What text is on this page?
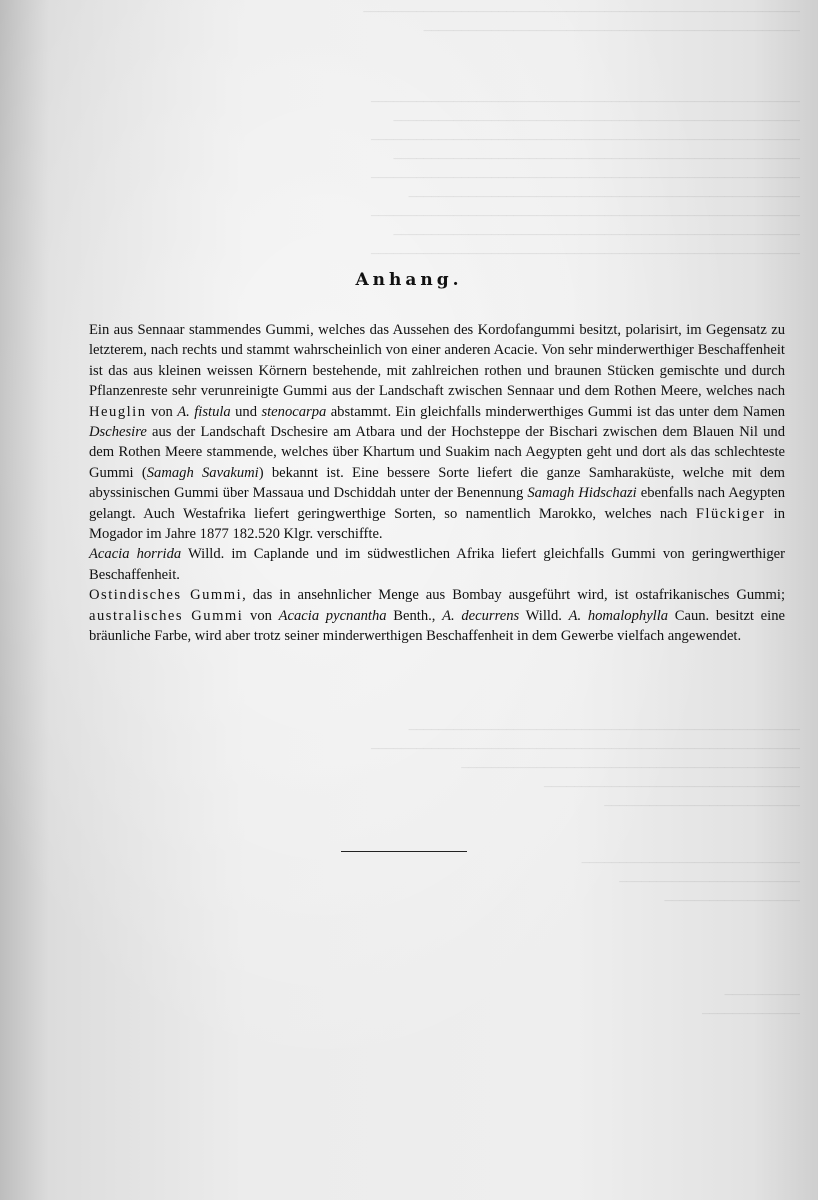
──────────────────────────────────────────────────────────
──────────────────────────────────────────────────
─────────────────────────────────────────────────────────
──────────────────────────────────────────────────────
─────────────────────────────────────────────────────────
──────────────────────────────────────────────────────
─────────────────────────────────────────────────────────
────────────────────────────────────────────────────
─────────────────────────────────────────────────────────
──────────────────────────────────────────────────────
─────────────────────────────────────────────────────────
────────────────────────────────────────────────────
─────────────────────────────────────────────────────────
─────────────────────────────────────────────
──────────────────────────────────
──────────────────────────

─────────────────────────────
────────────────────────
──────────────────
──────────
─────────────
Anhang.

Ein aus Sennaar stammendes Gummi, welches das Aussehen des Kordofangummi besitzt, polarisirt, im Gegensatz zu letzterem, nach rechts und stammt wahrscheinlich von einer anderen Acacie. Von sehr minderwerthiger Beschaffenheit ist das aus kleinen weissen Körnern bestehende, mit zahlreichen rothen und braunen Stücken gemischte und durch Pflanzenreste sehr verunreinigte Gummi aus der Landschaft zwischen Sennaar und dem Rothen Meere, welches nach Heuglin von A. fistula und stenocarpa abstammt. Ein gleichfalls minderwerthiges Gummi ist das unter dem Namen Dschesire aus der Landschaft Dschesire am Atbara und der Hochsteppe der Bischari zwischen dem Blauen Nil und dem Rothen Meere stammende, welches über Khartum und Suakim nach Aegypten geht und dort als das schlechteste Gummi (Samagh Savakumi) bekannt ist. Eine bessere Sorte liefert die ganze Samharaküste, welche mit dem abyssinischen Gummi über Massaua und Dschiddah unter der Benennung Samagh Hidschazi ebenfalls nach Aegypten gelangt. Auch Westafrika liefert geringwerthige Sorten, so namentlich Marokko, welches nach Flückiger in Mogador im Jahre 1877 182.520 Klgr. verschiffte.

Acacia horrida Willd. im Caplande und im südwestlichen Afrika liefert gleichfalls Gummi von geringwerthiger Beschaffenheit.

Ostindisches Gummi, das in ansehnlicher Menge aus Bombay ausgeführt wird, ist ostafrikanisches Gummi; australisches Gummi von Acacia pycnantha Benth., A. decurrens Willd. A. homalophylla Caun. besitzt eine bräunliche Farbe, wird aber trotz seiner minderwerthigen Beschaffenheit in dem Gewerbe vielfach angewendet.
